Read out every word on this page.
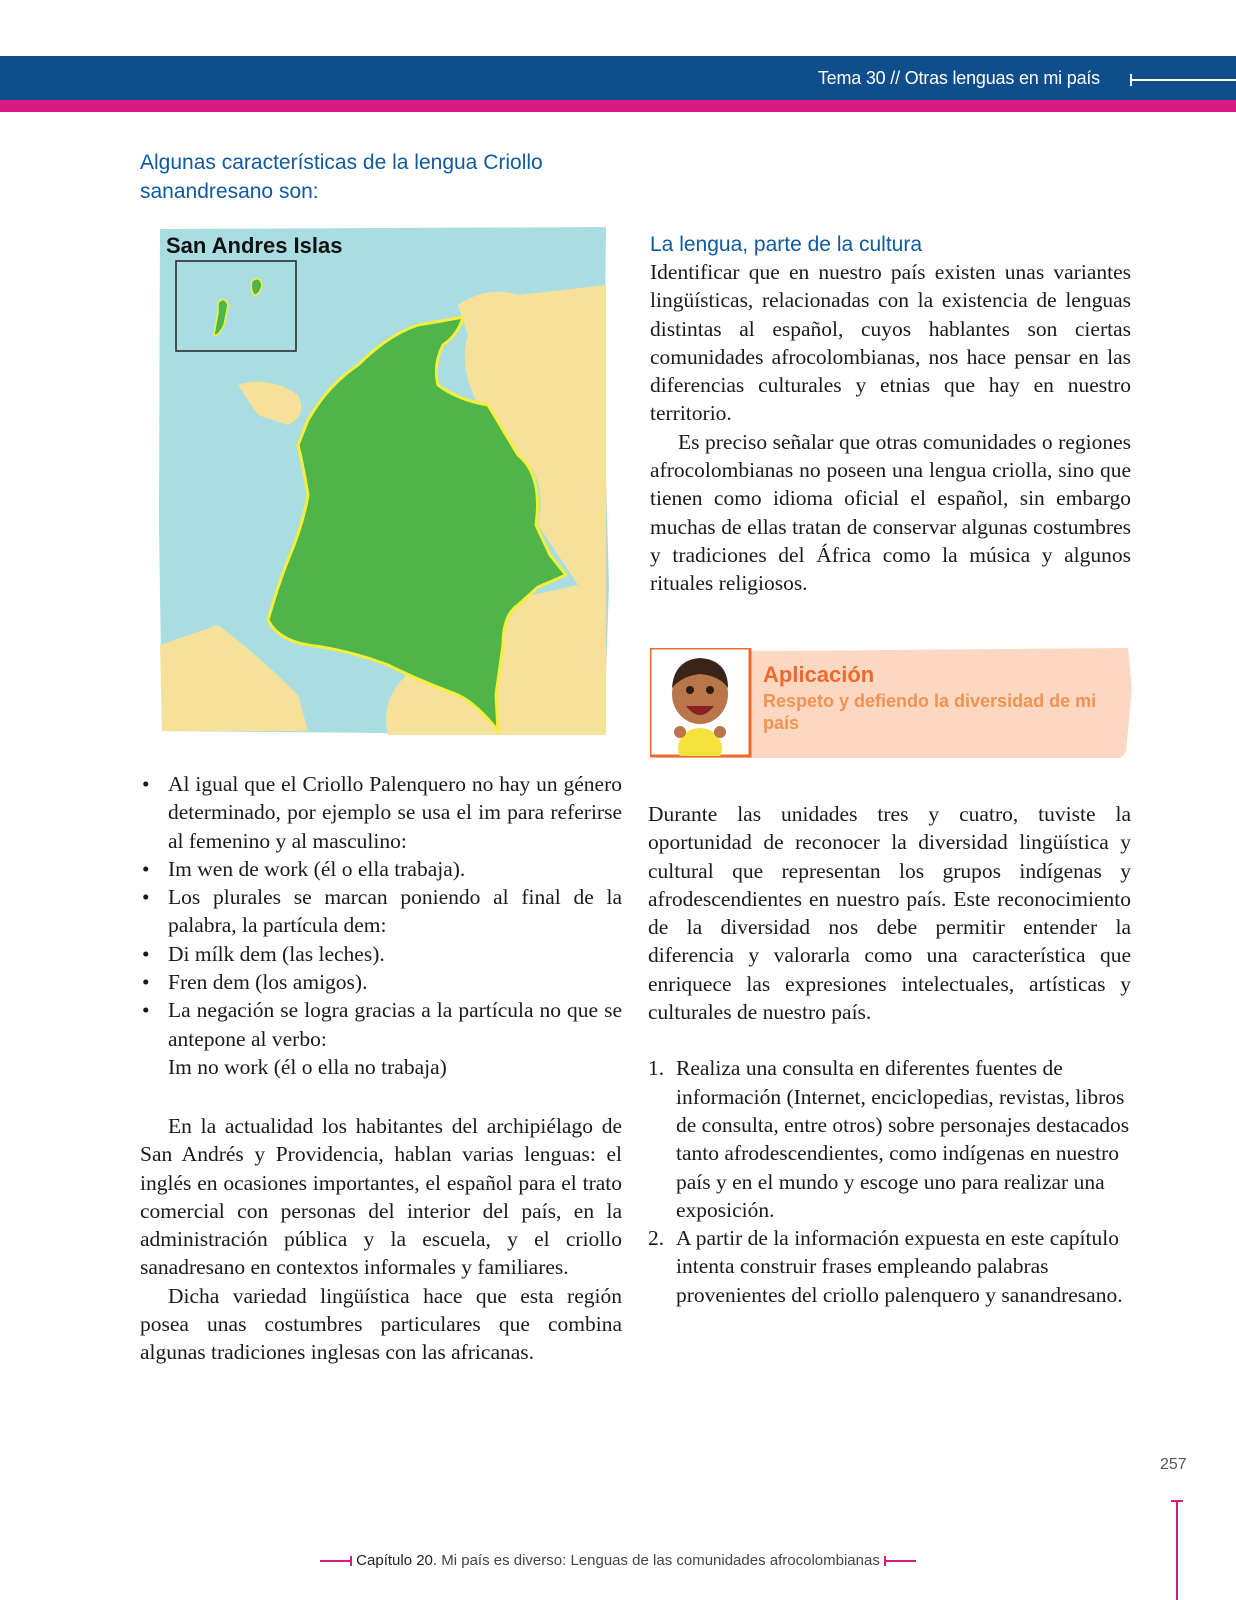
Tema 30 // Otras lenguas en mi país
Algunas características de la lengua Criollo sanandresano son:
San Andres Islas	La lengua, parte de la cultura
Identificar que en nuestro país existen unas variantes lingüísticas, relacionadas con la existencia de lenguas distintas al español, cuyos hablantes son ciertas comunidades afrocolombianas, nos hace pensar en las diferencias culturales y etnias que hay en nuestro territorio.
Es preciso señalar que otras comunidades o regiones afrocolombianas no poseen una lengua criolla, sino que tienen como idioma oficial el español, sin embargo muchas de ellas tratan de conservar algunas costumbres y tradiciones del África como la música y algunos rituales religiosos.
Aplicación
Respeto y defiendo la diversidad de mi país
• Al igual que el Criollo Palenquero no hay un género determinado, por ejemplo se usa el im para referirse al femenino y al masculino:
• Im wen de work (él o ella trabaja).
• Los plurales se marcan poniendo al final de la palabra, la partícula dem:
• Di mílk dem (las leches).
• Fren dem (los amigos).
• La negación se logra gracias a la partícula no que se antepone al verbo:
Im no work (él o ella no trabaja)
En la actualidad los habitantes del archipiélago de San Andrés y Providencia, hablan varias lenguas: el inglés en ocasiones importantes, el español para el trato comercial con personas del interior del país, en la administración pública y la escuela, y el criollo sanadresano en contextos informales y familiares.
Dicha variedad lingüística hace que esta región posea unas costumbres particulares que combina algunas tradiciones inglesas con las africanas.
Durante las unidades tres y cuatro, tuviste la oportunidad de reconocer la diversidad lingüística y cultural que representan los grupos indígenas y afrodescendientes en nuestro país. Este reconocimiento de la diversidad nos debe permitir entender la diferencia y valorarla como una característica que enriquece las expresiones intelectuales, artísticas y culturales de nuestro país.
1. Realiza una consulta en diferentes fuentes de información (Internet, enciclopedias, revistas, libros de consulta, entre otros) sobre personajes destacados tanto afrodescendientes, como indígenas en nuestro país y en el mundo y escoge uno para realizar una exposición.
2. A partir de la información expuesta en este capítulo intenta construir frases empleando palabras provenientes del criollo palenquero y sanandresano.
257
Capítulo 20. Mi país es diverso: Lenguas de las comunidades afrocolombianas
